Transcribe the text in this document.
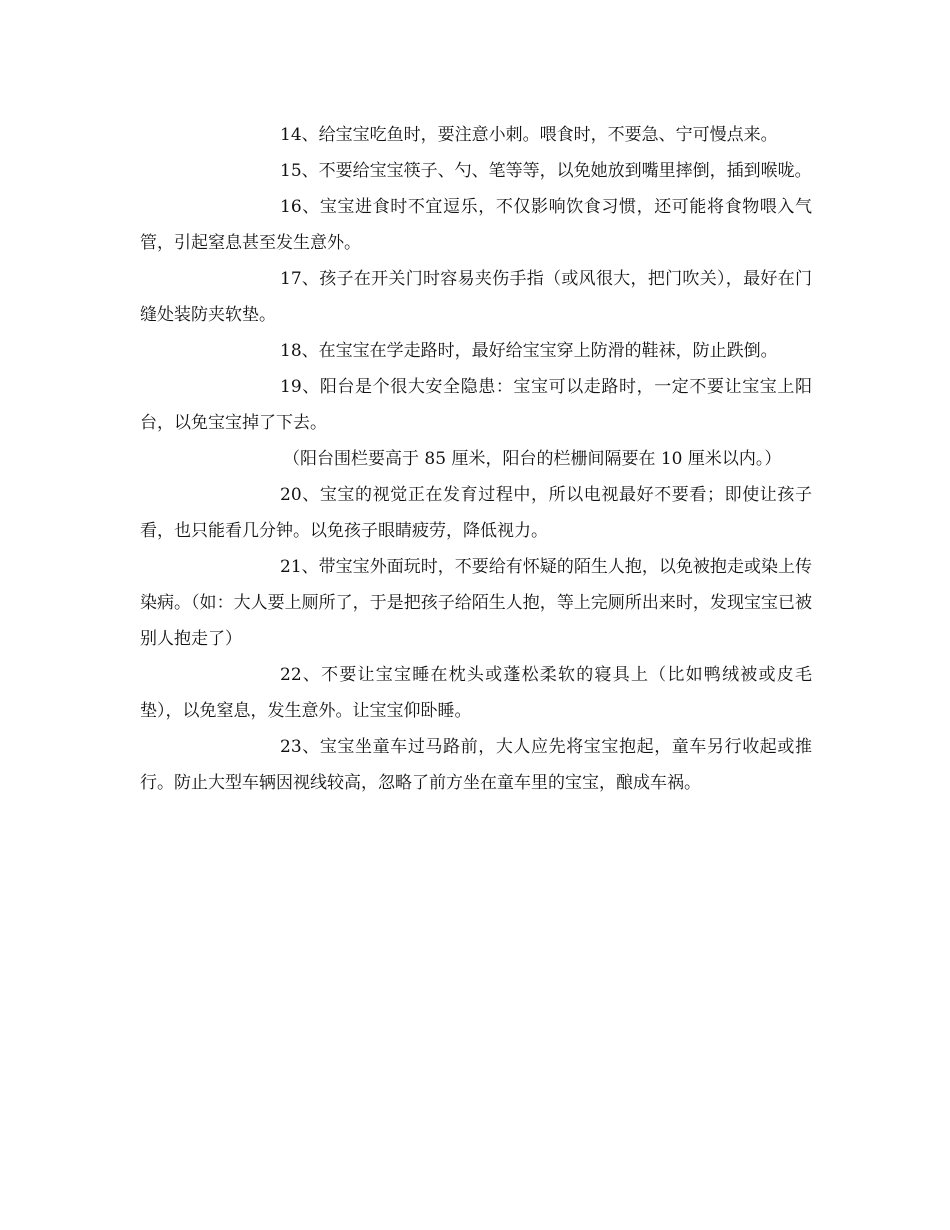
14、给宝宝吃鱼时，要注意小刺。喂食时，不要急、宁可慢点来。

15、不要给宝宝筷子、勺、笔等等，以免她放到嘴里摔倒，插到喉咙。

16、宝宝进食时不宜逗乐，不仅影响饮食习惯，还可能将食物喂入气管，引起窒息甚至发生意外。

17、孩子在开关门时容易夹伤手指（或风很大，把门吹关），最好在门缝处装防夹软垫。

18、在宝宝在学走路时，最好给宝宝穿上防滑的鞋袜，防止跌倒。

19、阳台是个很大安全隐患：宝宝可以走路时，一定不要让宝宝上阳台，以免宝宝掉了下去。

（阳台围栏要高于 85 厘米，阳台的栏栅间隔要在 10 厘米以内。）

20、宝宝的视觉正在发育过程中，所以电视最好不要看；即使让孩子看，也只能看几分钟。以免孩子眼睛疲劳，降低视力。

21、带宝宝外面玩时，不要给有怀疑的陌生人抱，以免被抱走或染上传染病。（如：大人要上厕所了，于是把孩子给陌生人抱，等上完厕所出来时，发现宝宝已被别人抱走了）

22、不要让宝宝睡在枕头或蓬松柔软的寝具上（比如鸭绒被或皮毛垫），以免窒息，发生意外。让宝宝仰卧睡。

23、宝宝坐童车过马路前，大人应先将宝宝抱起，童车另行收起或推行。防止大型车辆因视线较高，忽略了前方坐在童车里的宝宝，酿成车祸。
